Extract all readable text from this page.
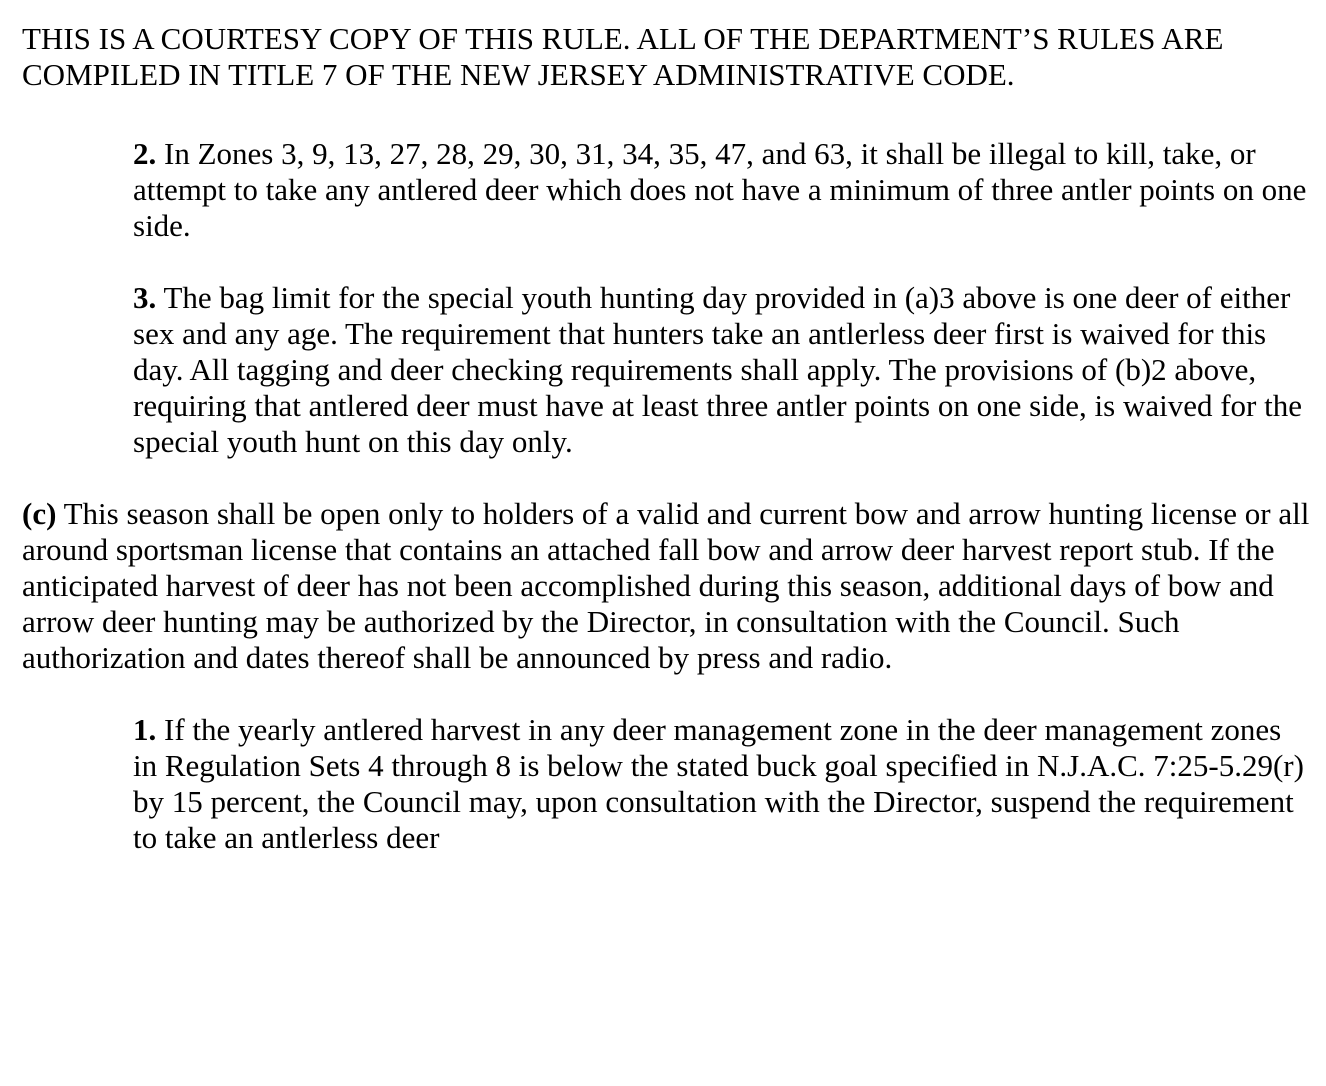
THIS IS A COURTESY COPY OF THIS RULE. ALL OF THE DEPARTMENT’S RULES ARE COMPILED IN TITLE 7 OF THE NEW JERSEY ADMINISTRATIVE CODE.

2. In Zones 3, 9, 13, 27, 28, 29, 30, 31, 34, 35, 47, and 63, it shall be illegal to kill, take, or attempt to take any antlered deer which does not have a minimum of three antler points on one side.

3. The bag limit for the special youth hunting day provided in (a)3 above is one deer of either sex and any age. The requirement that hunters take an antlerless deer first is waived for this day. All tagging and deer checking requirements shall apply. The provisions of (b)2 above, requiring that antlered deer must have at least three antler points on one side, is waived for the special youth hunt on this day only.

(c) This season shall be open only to holders of a valid and current bow and arrow hunting license or all around sportsman license that contains an attached fall bow and arrow deer harvest report stub. If the anticipated harvest of deer has not been accomplished during this season, additional days of bow and arrow deer hunting may be authorized by the Director, in consultation with the Council. Such authorization and dates thereof shall be announced by press and radio.

1. If the yearly antlered harvest in any deer management zone in the deer management zones in Regulation Sets 4 through 8 is below the stated buck goal specified in N.J.A.C. 7:25-5.29(r) by 15 percent, the Council may, upon consultation with the Director, suspend the requirement to take an antlerless deer
